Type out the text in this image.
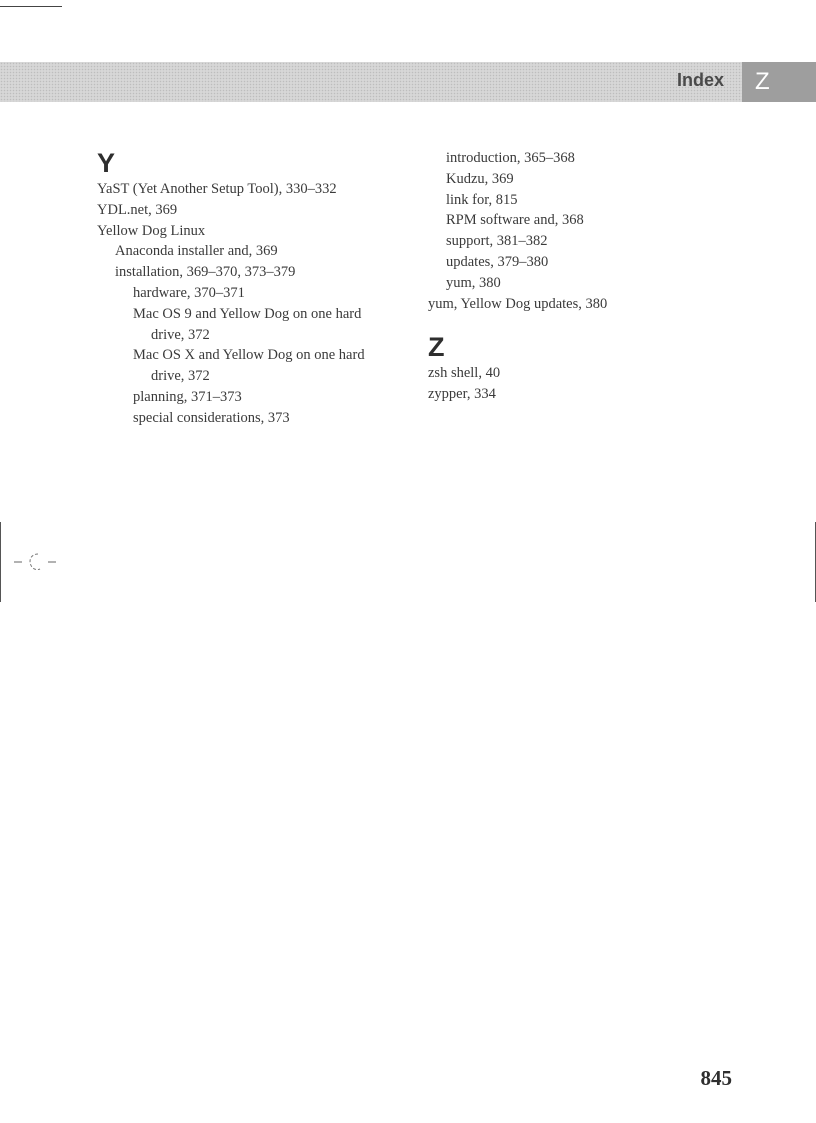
Index	Z
Y

YaST (Yet Another Setup Tool), 330–332

YDL.net, 369

Yellow Dog Linux

Anaconda installer and, 369

installation, 369–370, 373–379

hardware, 370–371

Mac OS 9 and Yellow Dog on one hard

drive, 372

Mac OS X and Yellow Dog on one hard

drive, 372

planning, 371–373

special considerations, 373

introduction, 365–368

Kudzu, 369

link for, 815

RPM software and, 368

support, 381–382

updates, 379–380

yum, 380

yum, Yellow Dog updates, 380

Z

zsh shell, 40

zypper, 334

845
